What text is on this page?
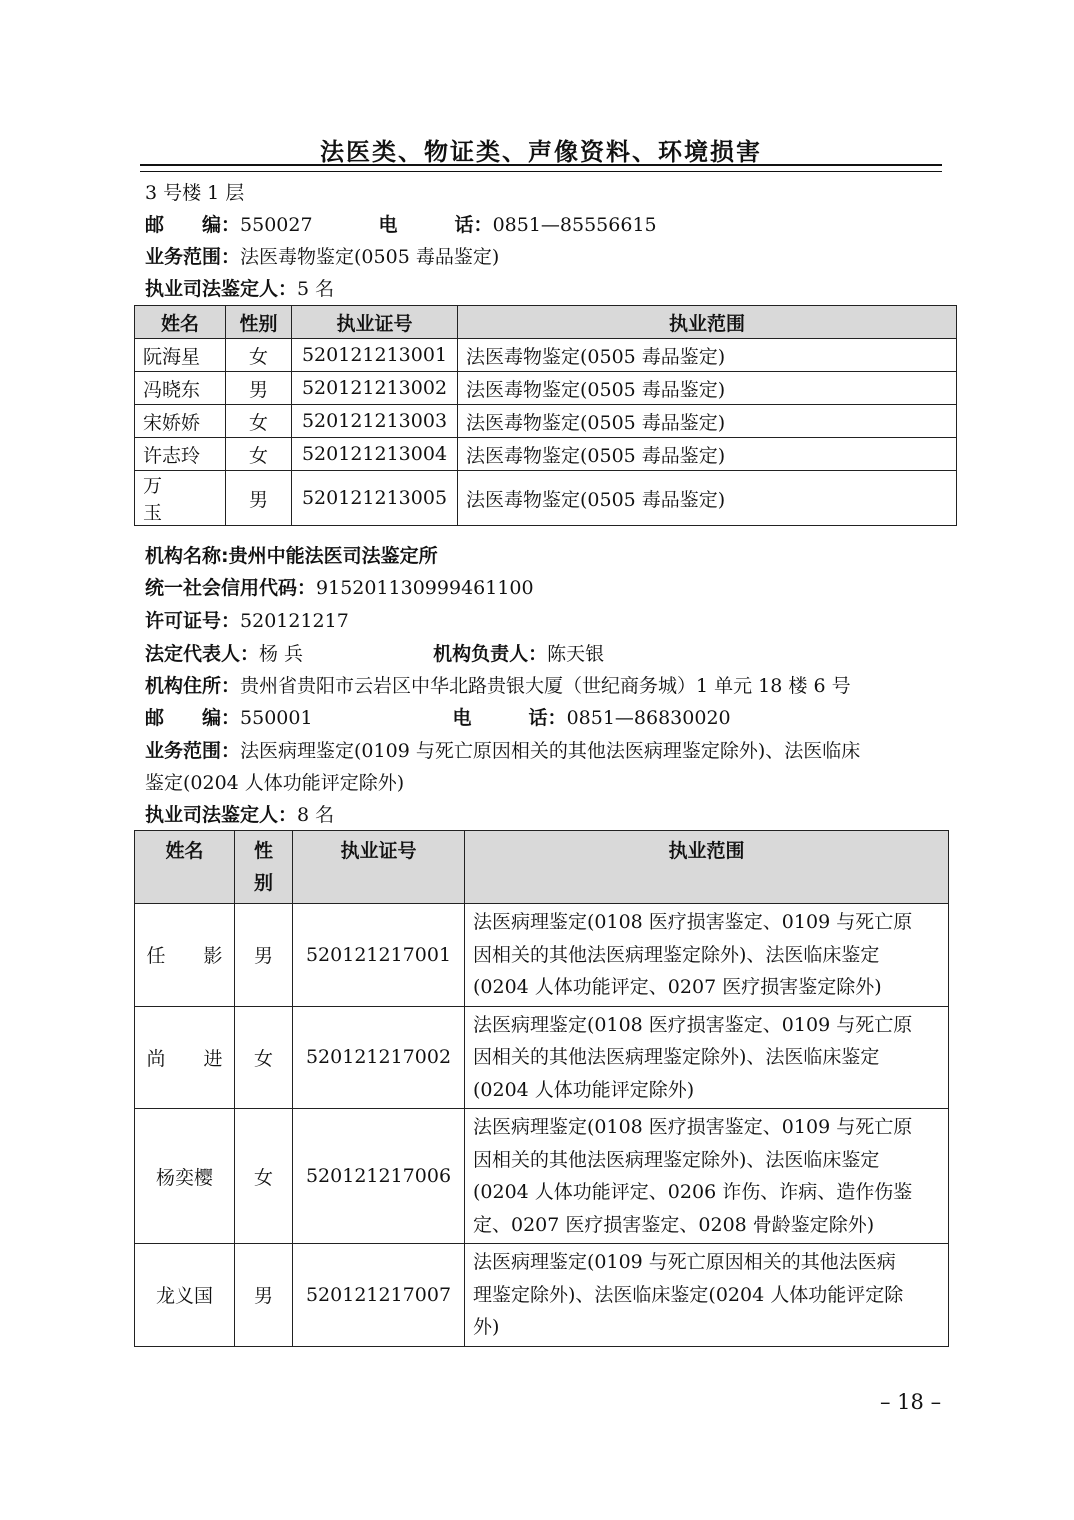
法医类、物证类、声像资料、环境损害
3 号楼 1 层
邮　　编：550027	电　　　话：0851—85556615
业务范围：法医毒物鉴定(0505 毒品鉴定)
执业司法鉴定人：5 名
姓名	性别	执业证号	执业范围
阮海星	女	520121213001	法医毒物鉴定(0505 毒品鉴定)
冯晓东	男	520121213002	法医毒物鉴定(0505 毒品鉴定)
宋娇娇	女	520121213003	法医毒物鉴定(0505 毒品鉴定)
许志玲	女	520121213004	法医毒物鉴定(0505 毒品鉴定)
万　　玉	男	520121213005	法医毒物鉴定(0505 毒品鉴定)
机构名称:贵州中能法医司法鉴定所
统一社会信用代码：915201130999461100
许可证号：520121217
法定代表人：杨 兵	机构负责人：陈天银
机构住所：贵州省贵阳市云岩区中华北路贵银大厦（世纪商务城）1 单元 18 楼 6 号
邮　　编：550001	电　　　话：0851—86830020
业务范围：法医病理鉴定(0109 与死亡原因相关的其他法医病理鉴定除外)、法医临床
鉴定(0204 人体功能评定除外)
执业司法鉴定人：8 名
姓名	性别	执业证号	执业范围
任　　影	男	520121217001	法医病理鉴定(0108 医疗损害鉴定、0109 与死亡原
因相关的其他法医病理鉴定除外)、法医临床鉴定
(0204 人体功能评定、0207 医疗损害鉴定除外)

尚　　进	女	520121217002	法医病理鉴定(0108 医疗损害鉴定、0109 与死亡原
因相关的其他法医病理鉴定除外)、法医临床鉴定
(0204 人体功能评定除外)

杨奕樱	女	520121217006	法医病理鉴定(0108 医疗损害鉴定、0109 与死亡原
因相关的其他法医病理鉴定除外)、法医临床鉴定
(0204 人体功能评定、0206 诈伤、诈病、造作伤鉴
定、0207 医疗损害鉴定、0208 骨龄鉴定除外)

龙义国	男	520121217007	法医病理鉴定(0109 与死亡原因相关的其他法医病
理鉴定除外)、法医临床鉴定(0204 人体功能评定除
外)
– 18 –
